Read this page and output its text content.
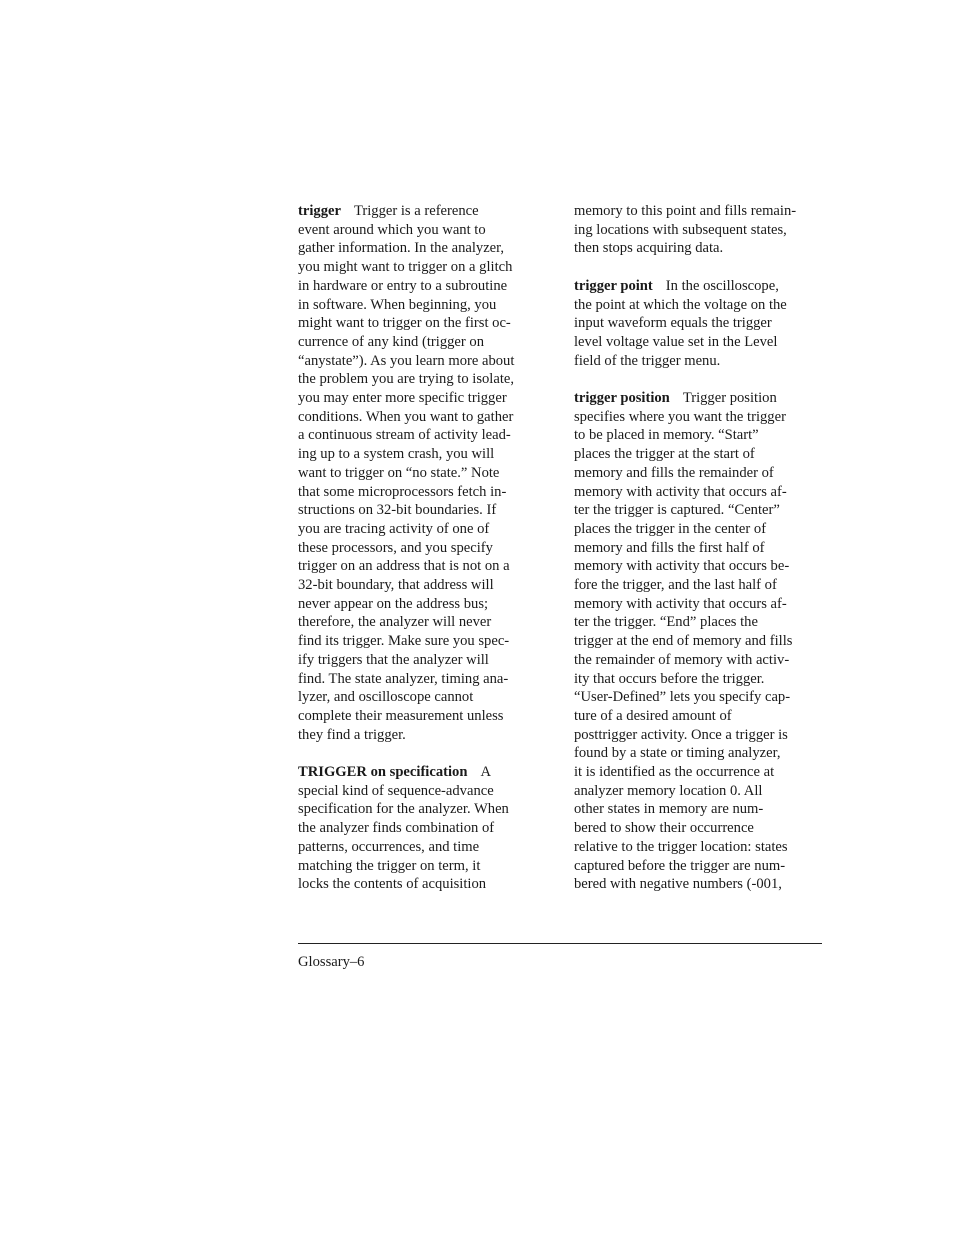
trigger Trigger is a reference
event around which you want to
gather information. In the analyzer,
you might want to trigger on a glitch
in hardware or entry to a subroutine
in software. When beginning, you
might want to trigger on the first oc-
currence of any kind (trigger on
“anystate”). As you learn more about
the problem you are trying to isolate,
you may enter more specific trigger
conditions. When you want to gather
a continuous stream of activity lead-
ing up to a system crash, you will
want to trigger on “no state.” Note
that some microprocessors fetch in-
structions on 32-bit boundaries. If
you are tracing activity of one of
these processors, and you specify
trigger on an address that is not on a
32-bit boundary, that address will
never appear on the address bus;
therefore, the analyzer will never
find its trigger. Make sure you spec-
ify triggers that the analyzer will
find. The state analyzer, timing ana-
lyzer, and oscilloscope cannot
complete their measurement unless
they find a trigger.
TRIGGER on specification A
special kind of sequence-advance
specification for the analyzer. When
the analyzer finds combination of
patterns, occurrences, and time
matching the trigger on term, it
locks the contents of acquisition
memory to this point and fills remain-
ing locations with subsequent states,
then stops acquiring data.
trigger point In the oscilloscope,
the point at which the voltage on the
input waveform equals the trigger
level voltage value set in the Level
field of the trigger menu.
trigger position Trigger position
specifies where you want the trigger
to be placed in memory. “Start”
places the trigger at the start of
memory and fills the remainder of
memory with activity that occurs af-
ter the trigger is captured. “Center”
places the trigger in the center of
memory and fills the first half of
memory with activity that occurs be-
fore the trigger, and the last half of
memory with activity that occurs af-
ter the trigger. “End” places the
trigger at the end of memory and fills
the remainder of memory with activ-
ity that occurs before the trigger.
“User-Defined” lets you specify cap-
ture of a desired amount of
posttrigger activity. Once a trigger is
found by a state or timing analyzer,
it is identified as the occurrence at
analyzer memory location 0. All
other states in memory are num-
bered to show their occurrence
relative to the trigger location: states
captured before the trigger are num-
bered with negative numbers (-001,
Glossary–6
